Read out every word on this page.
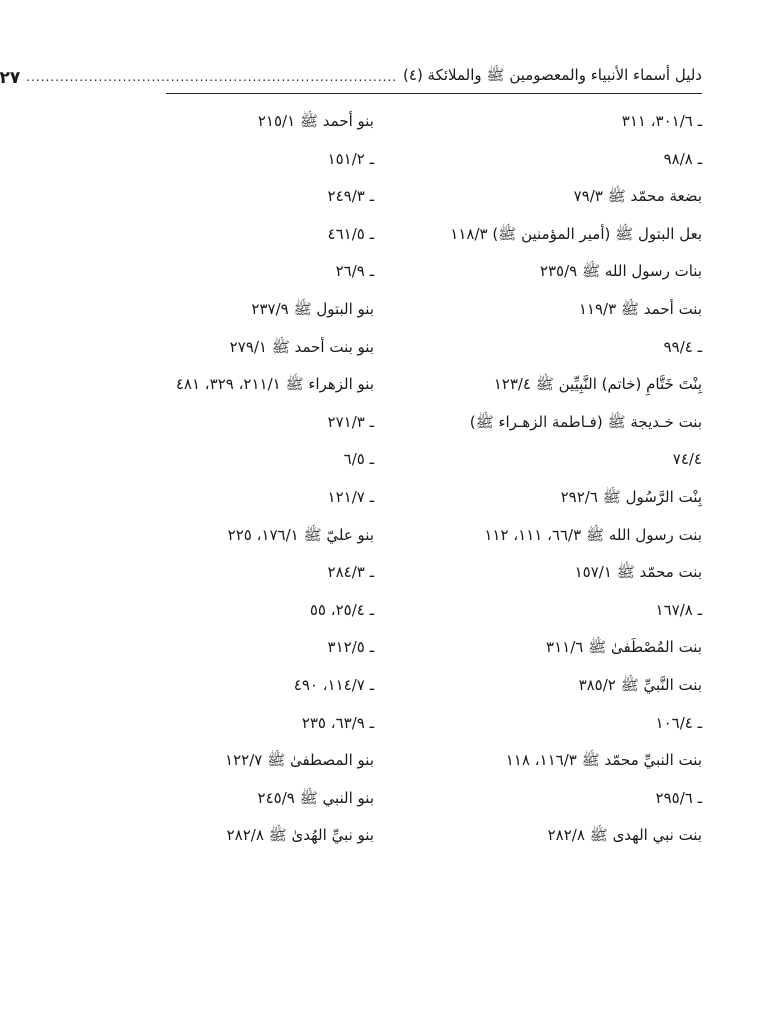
دليل أسماء الأنبياء والمعصومين ﷺ والملائكة (٤)
.............................................................................
٢٧
ـ ٣٠١/٦، ٣١١
ـ ٩٨/٨
بضعة محمّد ﷺ ٧٩/٣
بعل البتول ﷺ (أمير المؤمنين ﷺ) ١١٨/٣
بنات رسول الله ﷺ ٢٣٥/٩
بنت أحمد ﷺ ١١٩/٣
ـ ٩٩/٤
بِنْتَ خَتَّامِ (خاتم) النَّبِيِّين ﷺ ١٢٣/٤
بنت خـديجة ﷺ (فـاطمة الزهـراء ﷺ)
٧٤/٤
بِنْت الرَّسُول ﷺ ٢٩٢/٦
بنت رسول الله ﷺ ٦٦/٣، ١١١، ١١٢
بنت محمّد ﷺ ١٥٧/١
ـ ١٦٧/٨
بنت المُصْطَفىٰ ﷺ ٣١١/٦
بنت النَّبيِّ ﷺ ٣٨٥/٢
ـ ١٠٦/٤
بنت النبيِّ محمّد ﷺ ١١٦/٣، ١١٨
ـ ٢٩٥/٦
بنت نبي الهدى ﷺ ٢٨٢/٨
بنو أحمد ﷺ ٢١٥/١
ـ ١٥١/٢
ـ ٢٤٩/٣
ـ ٤٦١/٥
ـ ٢٦/٩
بنو البتول ﷺ ٢٣٧/٩
بنو بنت أحمد ﷺ ٢٧٩/١
بنو الزهراء ﷺ ٢١١/١، ٣٢٩، ٤٨١
ـ ٢٧١/٣
ـ ٦/٥
ـ ١٢١/٧
بنو عليّ ﷺ ١٧٦/١، ٢٢٥
ـ ٢٨٤/٣
ـ ٢٥/٤، ٥٥
ـ ٣١٢/٥
ـ ١١٤/٧، ٤٩٠
ـ ٦٣/٩، ٢٣٥
بنو المصطفىٰ ﷺ ١٢٢/٧
بنو النبي ﷺ ٢٤٥/٩
بنو نبيِّ الهُدىٰ ﷺ ٢٨٢/٨
